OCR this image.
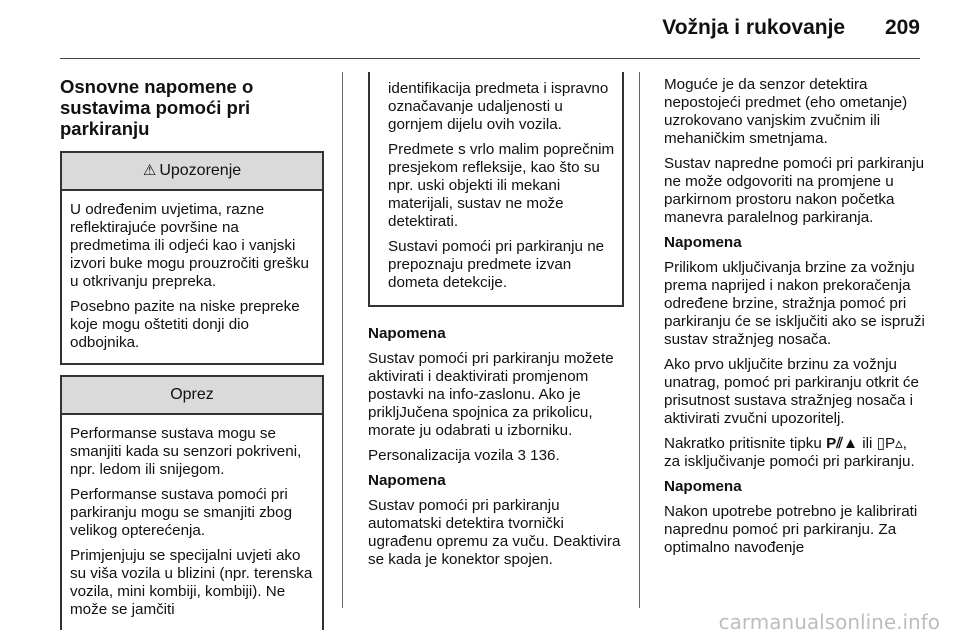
Vožnja i rukovanje 209
Osnovne napomene o sustavima pomoći pri parkiranju
⚠ Upozorenje

U određenim uvjetima, razne reflektirajuće površine na predmetima ili odjeći kao i vanjski izvori buke mogu prouzročiti grešku u otkrivanju prepreka.

Posebno pazite na niske prepreke koje mogu oštetiti donji dio odbojnika.

Oprez

Performanse sustava mogu se smanjiti kada su senzori pokriveni, npr. ledom ili snijegom.

Performanse sustava pomoći pri parkiranju mogu se smanjiti zbog velikog opterećenja.

Primjenjuju se specijalni uvjeti ako su viša vozila u blizini (npr. terenska vozila, mini kombiji, kombiji). Ne može se jamčiti

identifikacija predmeta i ispravno označavanje udaljenosti u gornjem dijelu ovih vozila.

Predmete s vrlo malim poprečnim presjekom refleksije, kao što su npr. uski objekti ili mekani materijali, sustav ne može detektirati.

Sustavi pomoći pri parkiranju ne prepoznaju predmete izvan dometa detekcije.

Napomena

Sustav pomoći pri parkiranju možete aktivirati i deaktivirati promjenom postavki na info-zaslonu. Ako je prikljJučena spojnica za prikolicu, morate ju odabrati u izborniku.

Personalizacija vozila 3 136.

Napomena

Sustav pomoći pri parkiranju automatski detektira tvornički ugrađenu opremu za vuču. Deaktivira se kada je konektor spojen.

Moguće je da senzor detektira nepostojeći predmet (eho ometanje) uzrokovano vanjskim zvučnim ili mehaničkim smetnjama.

Sustav napredne pomoći pri parkiranju ne može odgovoriti na promjene u parkirnom prostoru nakon početka manevra paralelnog parkiranja.

Napomena

Prilikom uključivanja brzine za vožnju prema naprijed i nakon prekoračenja određene brzine, stražnja pomoć pri parkiranju će se isključiti ako se ispruži sustav stražnjeg nosača.

Ako prvo uključite brzinu za vožnju unatrag, pomoć pri parkiranju otkrit će prisutnost sustava stražnjeg nosača i aktivirati zvučni upozoritelj.

Nakratko pritisnite tipku P⫽▲ ili ▯P▵, za isključivanje pomoći pri parkiranju.

Napomena

Nakon upotrebe potrebno je kalibrirati naprednu pomoć pri parkiranju. Za optimalno navođenje

carmanualsonline.info
